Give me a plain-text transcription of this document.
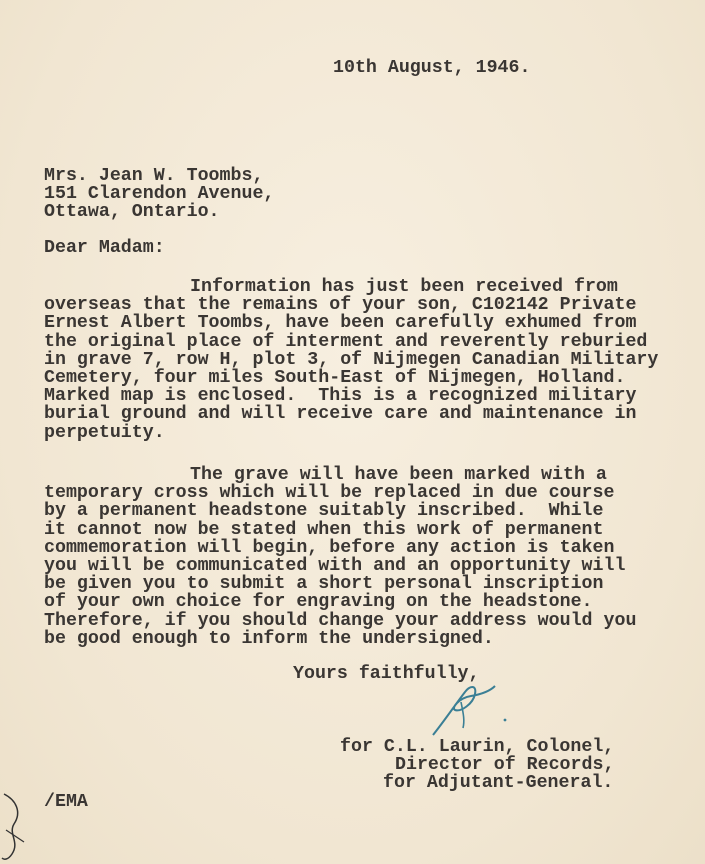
10th August, 1946.
Mrs. Jean W. Toombs,
151 Clarendon Avenue,
Ottawa, Ontario.
Dear Madam:
Information has just been received from
overseas that the remains of your son, C102142 Private
Ernest Albert Toombs, have been carefully exhumed from
the original place of interment and reverently reburied
in grave 7, row H, plot 3, of Nijmegen Canadian Military
Cemetery, four miles South-East of Nijmegen, Holland.
Marked map is enclosed.  This is a recognized military
burial ground and will receive care and maintenance in
perpetuity.
The grave will have been marked with a
temporary cross which will be replaced in due course
by a permanent headstone suitably inscribed.  While
it cannot now be stated when this work of permanent
commemoration will begin, before any action is taken
you will be communicated with and an opportunity will
be given you to submit a short personal inscription
of your own choice for engraving on the headstone.
Therefore, if you should change your address would you
be good enough to inform the undersigned.
Yours faithfully,
for C.L. Laurin, Colonel,
Director of Records,
for Adjutant-General.
/EMA
